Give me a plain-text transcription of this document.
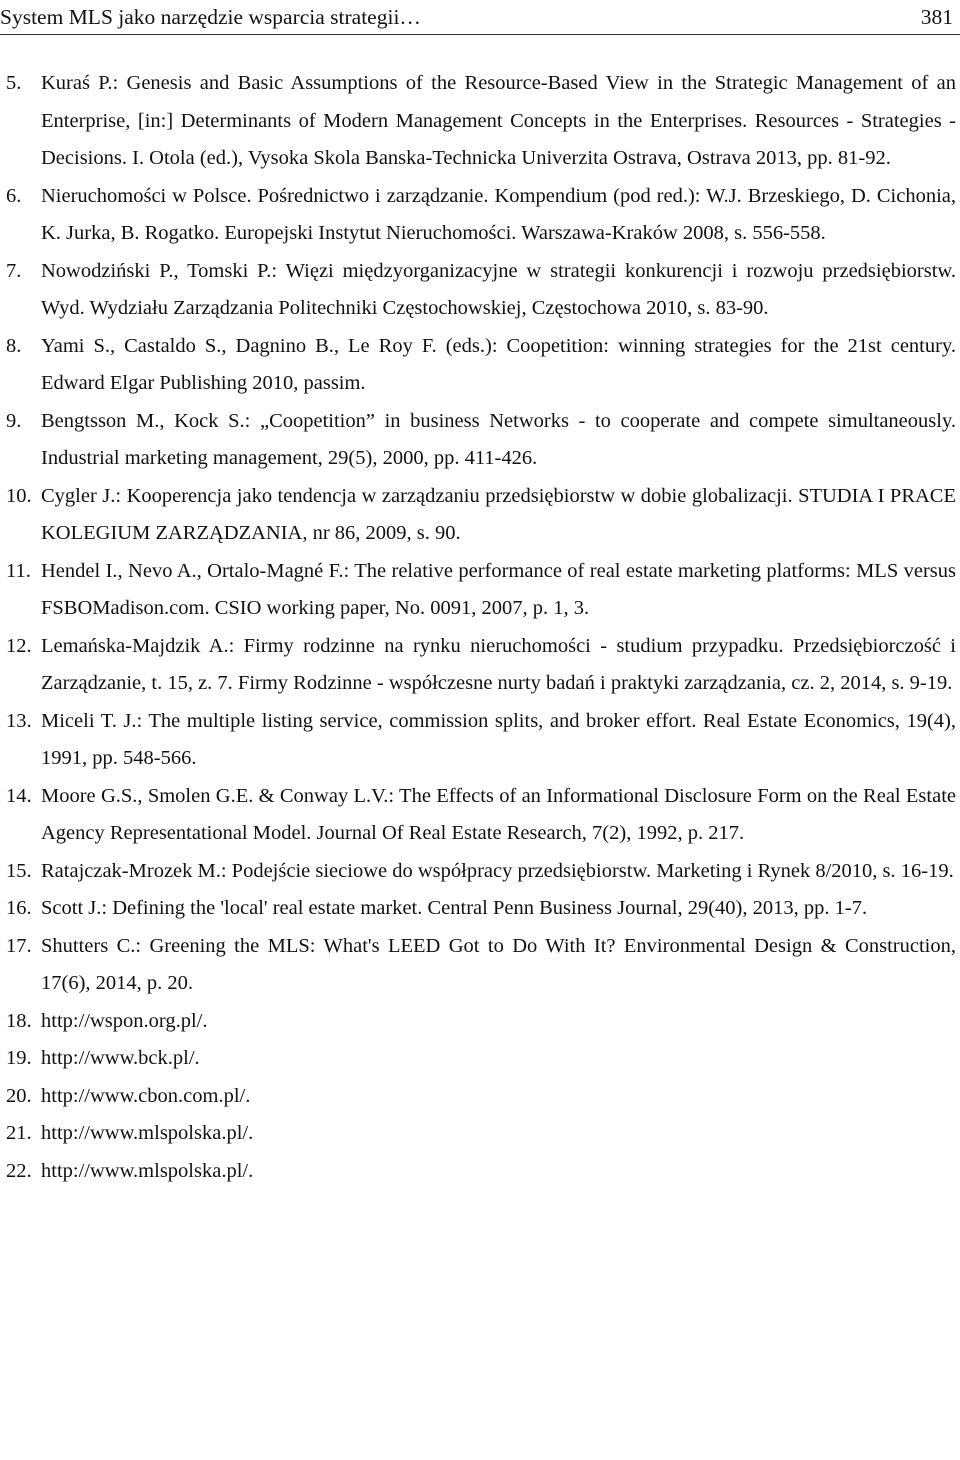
System MLS jako narzędzie wsparcia strategii…	381
5. Kuraś P.: Genesis and Basic Assumptions of the Resource-Based View in the Strategic Management of an Enterprise, [in:] Determinants of Modern Management Concepts in the Enterprises. Resources - Strategies - Decisions. I. Otola (ed.), Vysoka Skola Banska-Technicka Univerzita Ostrava, Ostrava 2013, pp. 81-92.
6. Nieruchomości w Polsce. Pośrednictwo i zarządzanie. Kompendium (pod red.): W.J. Brzeskiego, D. Cichonia, K. Jurka, B. Rogatko. Europejski Instytut Nieruchomości. Warszawa-Kraków 2008, s. 556-558.
7. Nowodziński P., Tomski P.: Więzi międzyorganizacyjne w strategii konkurencji i rozwoju przedsiębiorstw. Wyd. Wydziału Zarządzania Politechniki Częstochowskiej, Częstochowa 2010, s. 83-90.
8. Yami S., Castaldo S., Dagnino B., Le Roy F. (eds.): Coopetition: winning strategies for the 21st century. Edward Elgar Publishing 2010, passim.
9. Bengtsson M., Kock S.: „Coopetition” in business Networks - to cooperate and compete simultaneously. Industrial marketing management, 29(5), 2000, pp. 411-426.
10. Cygler J.: Kooperencja jako tendencja w zarządzaniu przedsiębiorstw w dobie globalizacji. STUDIA I PRACE KOLEGIUM ZARZĄDZANIA, nr 86, 2009, s. 90.
11. Hendel I., Nevo A., Ortalo-Magné F.: The relative performance of real estate marketing platforms: MLS versus FSBOMadison.com. CSIO working paper, No. 0091, 2007, p. 1, 3.
12. Lemańska-Majdzik A.: Firmy rodzinne na rynku nieruchomości - studium przypadku. Przedsiębiorczość i Zarządzanie, t. 15, z. 7. Firmy Rodzinne - współczesne nurty badań i praktyki zarządzania, cz. 2, 2014, s. 9-19.
13. Miceli T. J.: The multiple listing service, commission splits, and broker effort. Real Estate Economics, 19(4), 1991, pp. 548-566.
14. Moore G.S., Smolen G.E. & Conway L.V.: The Effects of an Informational Disclosure Form on the Real Estate Agency Representational Model. Journal Of Real Estate Research, 7(2), 1992, p. 217.
15. Ratajczak-Mrozek M.: Podejście sieciowe do współpracy przedsiębiorstw. Marketing i Rynek 8/2010, s. 16-19.
16. Scott J.: Defining the 'local' real estate market. Central Penn Business Journal, 29(40), 2013, pp. 1-7.
17. Shutters C.: Greening the MLS: What's LEED Got to Do With It? Environmental Design & Construction, 17(6), 2014, p. 20.
18. http://wspon.org.pl/.
19. http://www.bck.pl/.
20. http://www.cbon.com.pl/.
21. http://www.mlspolska.pl/.
22. http://www.mlspolska.pl/.
